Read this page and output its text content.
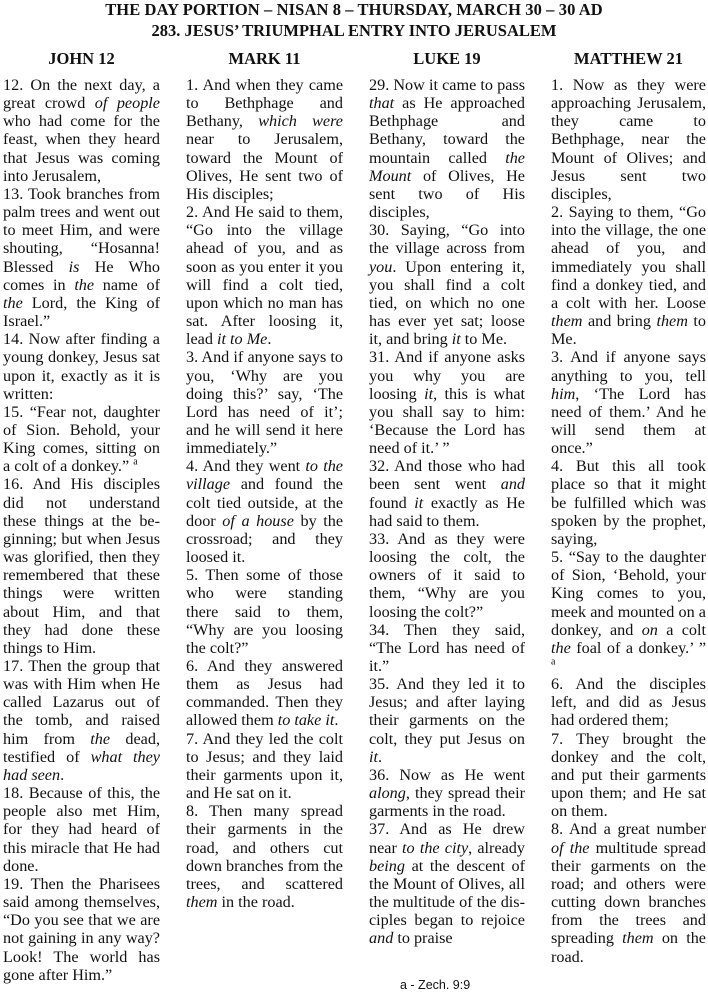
THE DAY PORTION – NISAN 8 – THURSDAY, MARCH 30 – 30 AD
283. JESUS’ TRIUMPHAL ENTRY INTO JERUSALEM
JOHN 12	MARK 11	LUKE 19	MATTHEW 21

12. On the next day, a great crowd of people who had come for the feast, when they heard that Jesus was coming into Jerusalem,

13. Took branches from palm trees and went out to meet Him, and were shouting, “Hosanna! Blessed is He Who comes in the name of the Lord, the King of Israel.”

14. Now after finding a young donkey, Jesus sat upon it, exactly as it is written:

15. “Fear not, daughter of Sion. Behold, your King comes, sitting on a colt of a donkey.” $^a$

16. And His disciples did not understand these things at the beginning; but when Jesus was glorified, then they remembered that these things were written about Him, and that they had done these things to Him.

17. Then the group that was with Him when He called Lazarus out of the tomb, and raised him from the dead, testified of what they had seen.

18. Because of this, the people also met Him, for they had heard of this miracle that He had done.

19. Then the Pharisees said among themselves, “Do you see that we are not gaining in any way? Look! The world has gone after Him.”

1. And when they came to Bethphage and Bethany, which were near to Jerusalem, toward the Mount of Olives, He sent two of His disciples;

2. And He said to them, “Go into the village ahead of you, and as soon as you enter it you will find a colt tied, upon which no man has sat. After loosing it, lead it to Me.

3. And if anyone says to you, ‘Why are you doing this?’ say, ‘The Lord has need of it’; and he will send it here immediately.”

4. And they went to the village and found the colt tied outside, at the door of a house by the crossroad; and they loosed it.

5. Then some of those who were standing there said to them, “Why are you loosing the colt?”

6. And they answered them as Jesus had commanded. Then they allowed them to take it.

7. And they led the colt to Jesus; and they laid their garments upon it, and He sat on it.

8. Then many spread their garments in the road, and others cut down branches from the trees, and scattered them in the road.

29. Now it came to pass that as He approached Bethphage and Bethany, toward the mountain called the Mount of Olives, He sent two of His disciples,

30. Saying, “Go into the village across from you. Upon entering it, you shall find a colt tied, on which no one has ever yet sat; loose it, and bring it to Me.

31. And if anyone asks you why you are loosing it, this is what you shall say to him: ‘Because the Lord has need of it.’ ”

32. And those who had been sent went and found it exactly as He had said to them.

33. And as they were loosing the colt, the owners of it said to them, “Why are you loosing the colt?”

34. Then they said, “The Lord has need of it.”

35. And they led it to Jesus; and after laying their garments on the colt, they put Jesus on it.

36. Now as He went along, they spread their garments in the road.

37. And as He drew near to the city, already being at the descent of the Mount of Olives, all the multitude of the disciples began to rejoice and to praise

1. Now as they were approaching Jerusalem, they came to Bethphage, near the Mount of Olives; and Jesus sent two disciples,

2. Saying to them, “Go into the village, the one ahead of you, and immediately you shall find a donkey tied, and a colt with her. Loose them and bring them to Me.

3. And if anyone says anything to you, tell him, ‘The Lord has need of them.’ And he will send them at once.”

4. But this all took place so that it might be fulfilled which was spoken by the prophet, saying,

5. “Say to the daughter of Sion, ‘Behold, your King comes to you, meek and mounted on a donkey, and on a colt the foal of a donkey.’ ” $^a$

6. And the disciples left, and did as Jesus had ordered them;

7. They brought the donkey and the colt, and put their garments upon them; and He sat on them.

8. And a great number of the multitude spread their garments on the road; and others were cutting down branches from the trees and spreading them on the road.

a - Zech. 9:9
